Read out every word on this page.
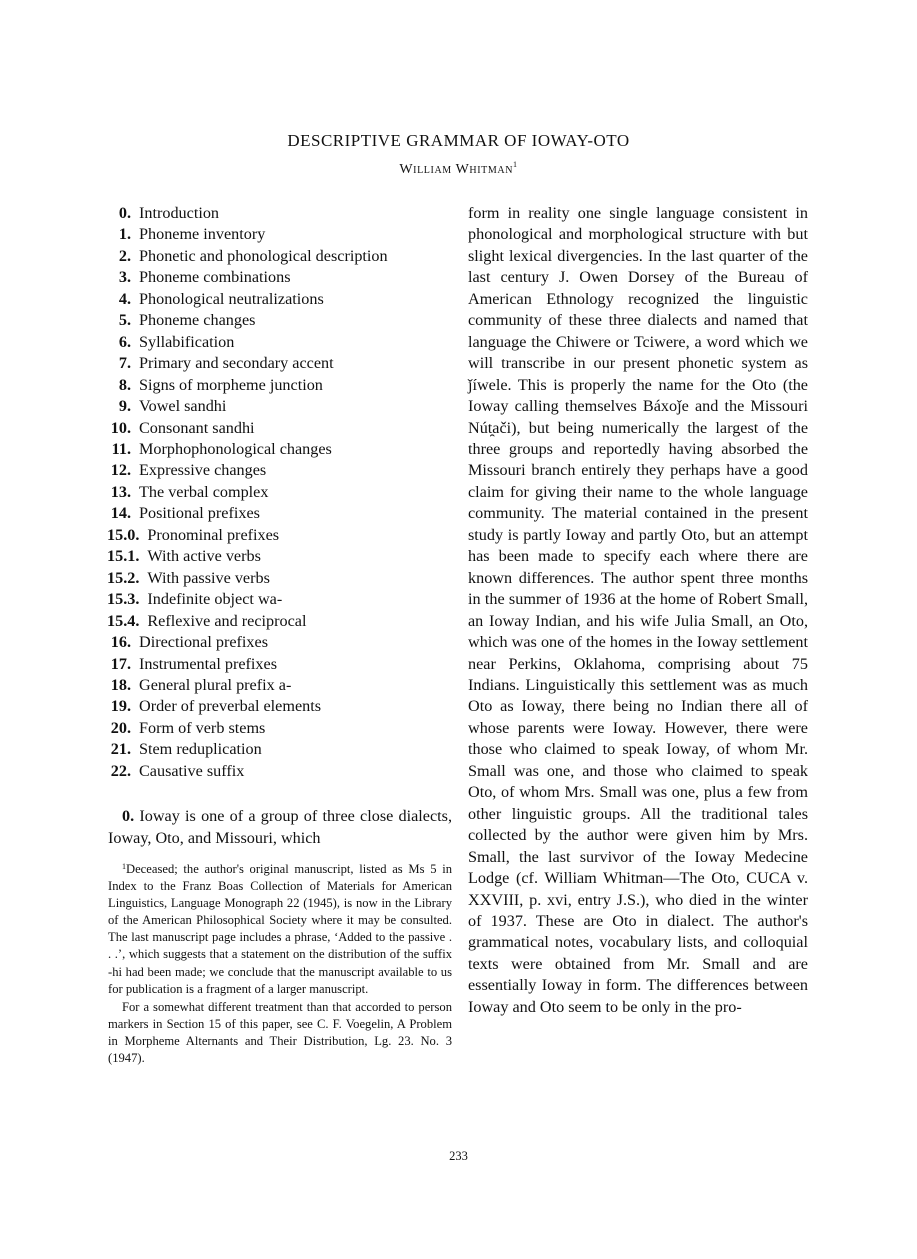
DESCRIPTIVE GRAMMAR OF IOWAY-OTO
William Whitman$^1$
0. Introduction
1. Phoneme inventory
2. Phonetic and phonological description
3. Phoneme combinations
4. Phonological neutralizations
5. Phoneme changes
6. Syllabification
7. Primary and secondary accent
8. Signs of morpheme junction
9. Vowel sandhi
10. Consonant sandhi
11. Morphophonological changes
12. Expressive changes
13. The verbal complex
14. Positional prefixes
15.0. Pronominal prefixes
15.1. With active verbs
15.2. With passive verbs
15.3. Indefinite object wa-
15.4. Reflexive and reciprocal
16. Directional prefixes
17. Instrumental prefixes
18. General plural prefix a-
19. Order of preverbal elements
20. Form of verb stems
21. Stem reduplication
22. Causative suffix
0. Ioway is one of a group of three close dialects, Ioway, Oto, and Missouri, which

$^1$Deceased; the author's original manuscript, listed as Ms 5 in Index to the Franz Boas Collection of Materials for American Linguistics, Language Monograph 22 (1945), is now in the Library of the American Philosophical Society where it may be consulted. The last manuscript page includes a phrase, ‘Added to the passive . . .’, which suggests that a statement on the distribution of the suffix -hi had been made; we conclude that the manuscript available to us for publication is a fragment of a larger manuscript.

For a somewhat different treatment than that accorded to person markers in Section 15 of this paper, see C. F. Voegelin, A Problem in Morpheme Alternants and Their Distribution, Lg. 23. No. 3 (1947).

form in reality one single language consistent in phonological and morphological structure with but slight lexical divergencies. In the last quarter of the last century J. Owen Dorsey of the Bureau of American Ethnology recognized the linguistic community of these three dialects and named that language the Chiwere or Tciwere, a word which we will transcribe in our present phonetic system as ǰíwele. This is properly the name for the Oto (the Ioway calling themselves Báxoǰe and the Missouri Nút̯ači), but being numerically the largest of the three groups and reportedly having absorbed the Missouri branch entirely they perhaps have a good claim for giving their name to the whole language community. The material contained in the present study is partly Ioway and partly Oto, but an attempt has been made to specify each where there are known differences. The author spent three months in the summer of 1936 at the home of Robert Small, an Ioway Indian, and his wife Julia Small, an Oto, which was one of the homes in the Ioway settlement near Perkins, Oklahoma, comprising about 75 Indians. Linguistically this settlement was as much Oto as Ioway, there being no Indian there all of whose parents were Ioway. However, there were those who claimed to speak Ioway, of whom Mr. Small was one, and those who claimed to speak Oto, of whom Mrs. Small was one, plus a few from other linguistic groups. All the traditional tales collected by the author were given him by Mrs. Small, the last survivor of the Ioway Medecine Lodge (cf. William Whitman—The Oto, CUCA v. XXVIII, p. xvi, entry J.S.), who died in the winter of 1937. These are Oto in dialect. The author's grammatical notes, vocabulary lists, and colloquial texts were obtained from Mr. Small and are essentially Ioway in form. The differences between Ioway and Oto seem to be only in the pro-

233
